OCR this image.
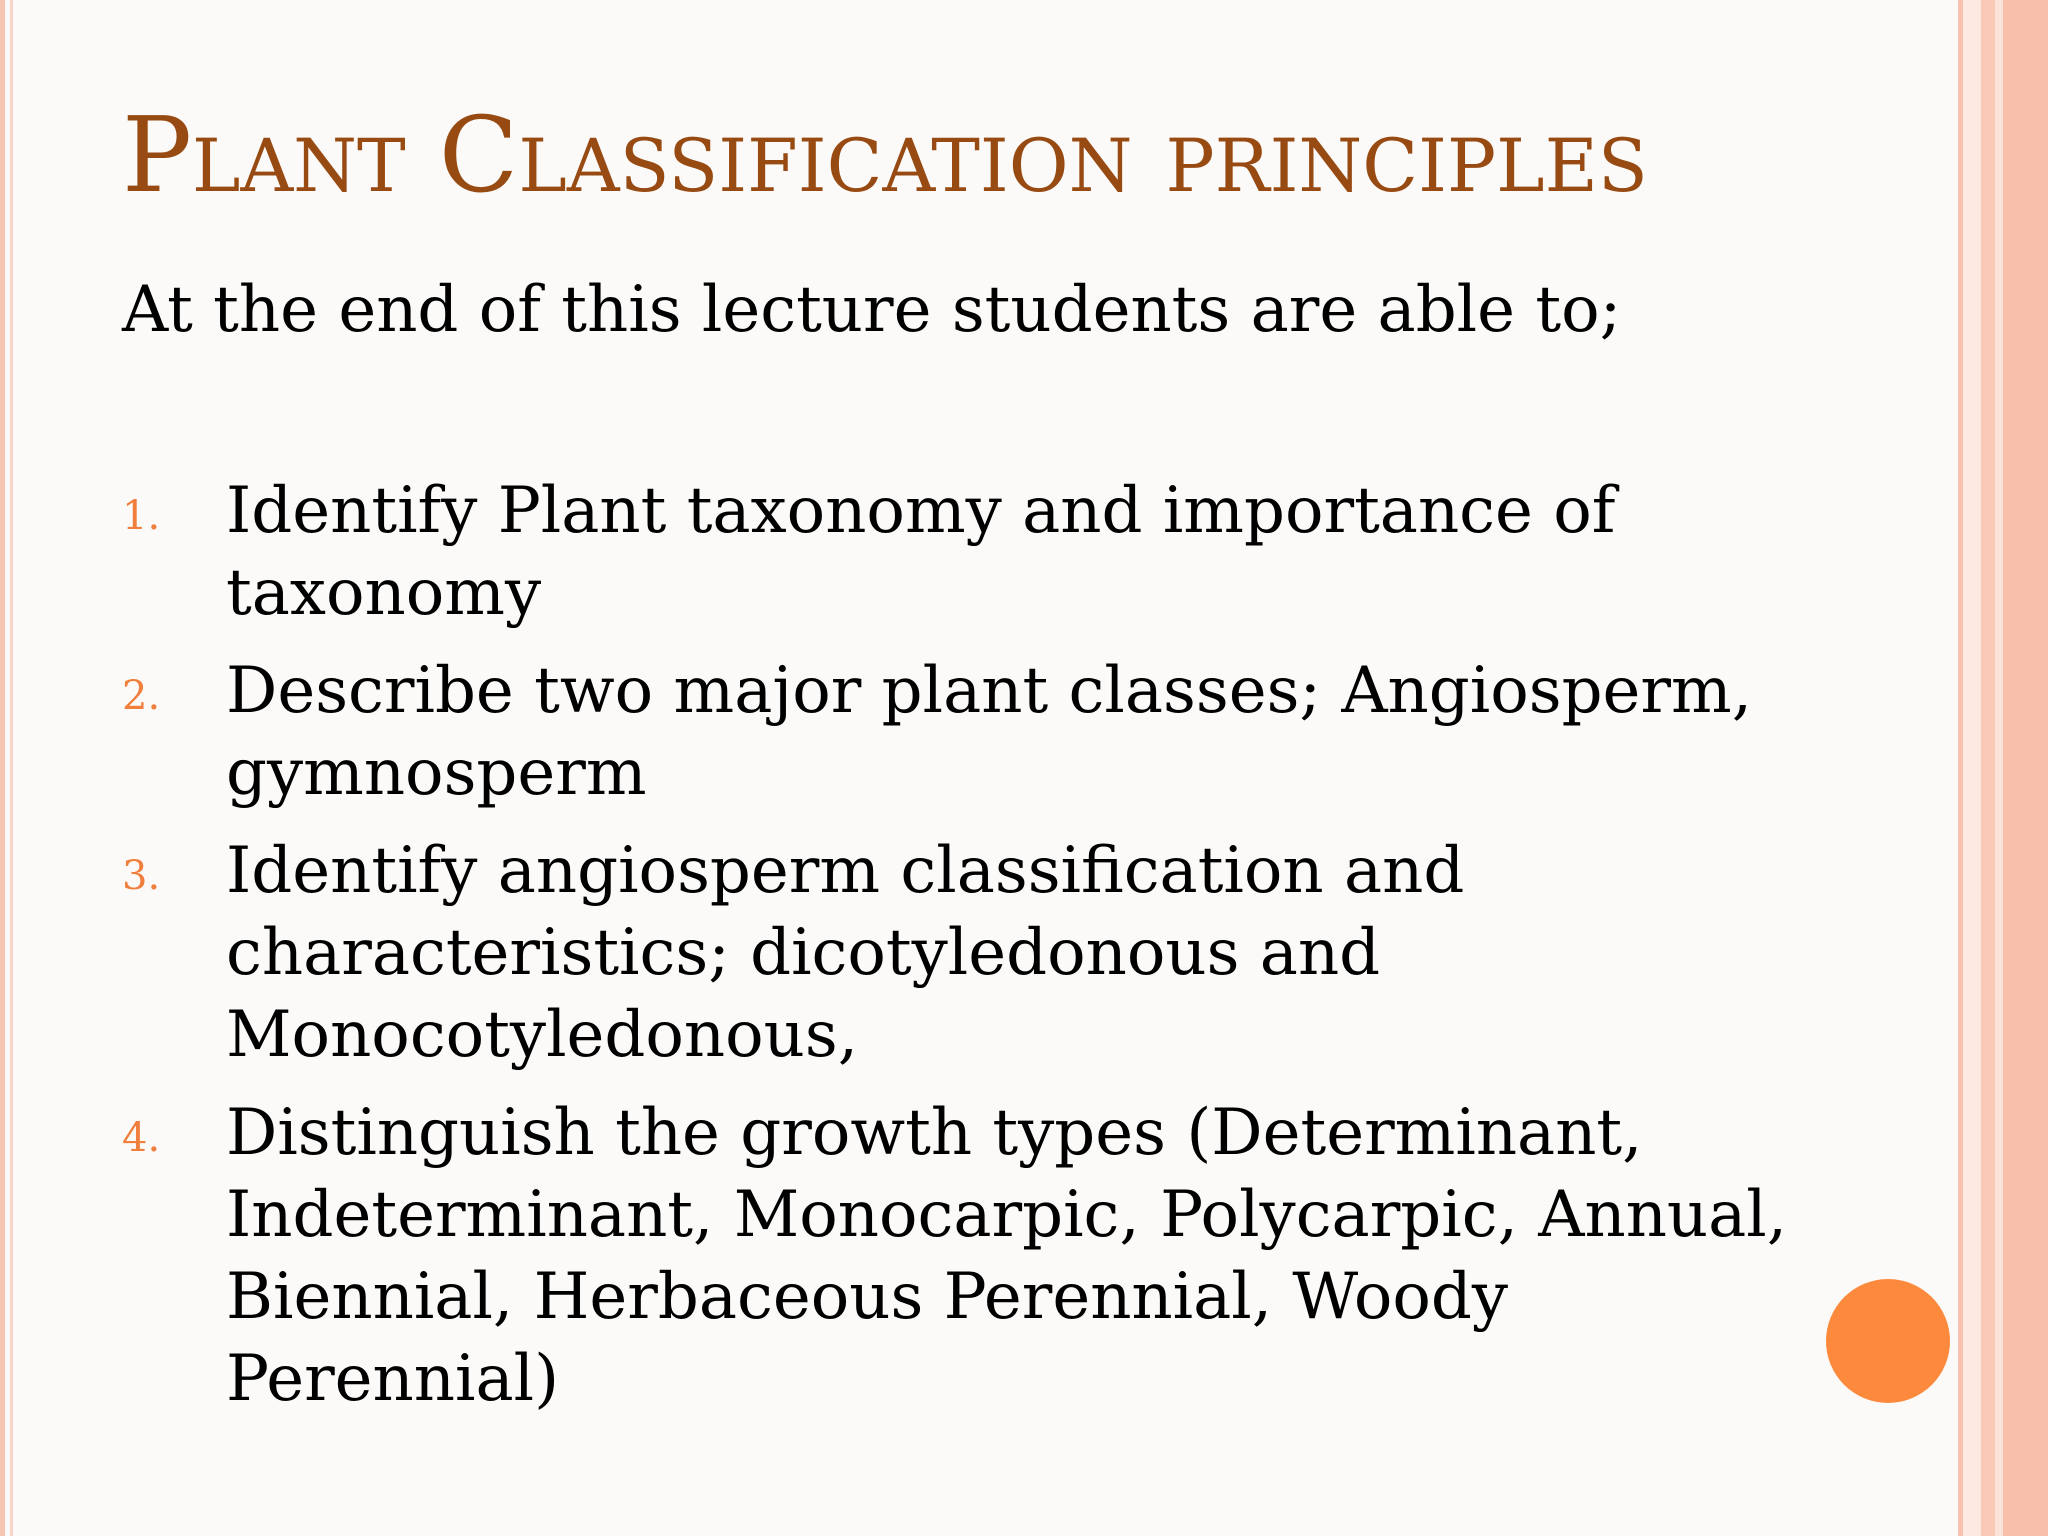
Plant Classification principles

At the end of this lecture students are able to;

1. Identify Plant taxonomy and importance of
taxonomy
2. Describe two major plant classes; Angiosperm,
gymnosperm
3. Identify angiosperm classification and
characteristics; dicotyledonous and
Monocotyledonous,
4. Distinguish the growth types (Determinant,
Indeterminant, Monocarpic, Polycarpic, Annual,
Biennial, Herbaceous Perennial, Woody
Perennial)
